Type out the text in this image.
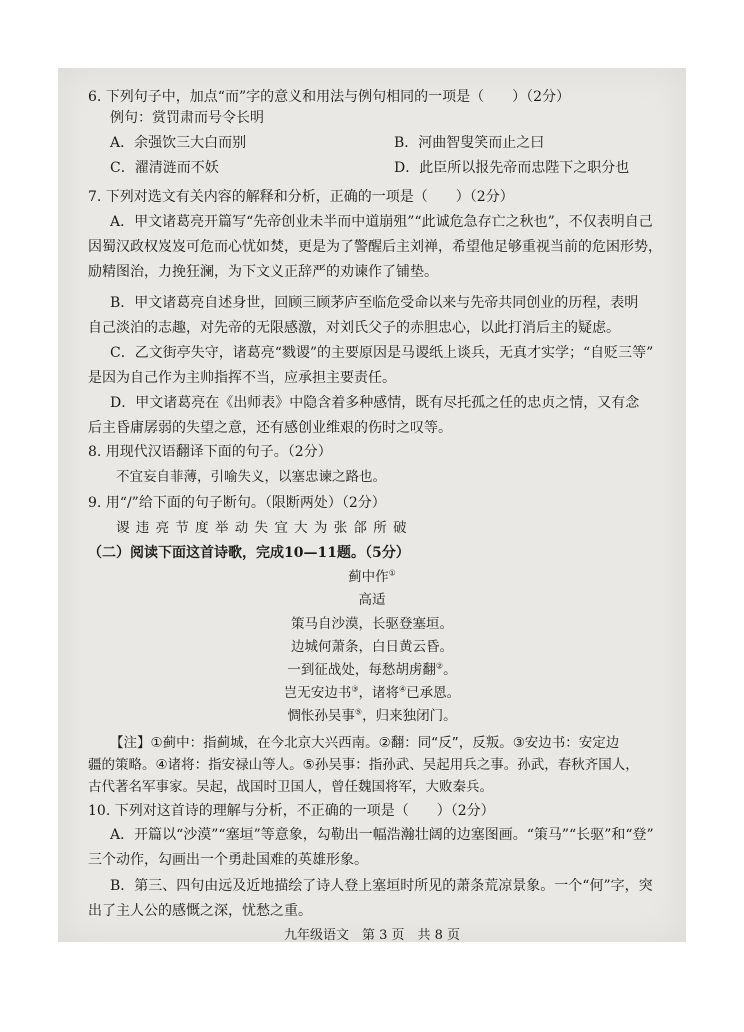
6. 下列句子中，加点“而”字的意义和用法与例句相同的一项是（　　）（2分）
例句：赏罚肃而号令长明
A．余强饮三大白而别	B．河曲智叟笑而止之曰
C．濯清涟而不妖	D．此臣所以报先帝而忠陛下之职分也
7. 下列对选文有关内容的解释和分析，正确的一项是（　　）（2分）
A．甲文诸葛亮开篇写“先帝创业未半而中道崩殂”“此诚危急存亡之秋也”，不仅表明自己
因蜀汉政权岌岌可危而心忧如焚，更是为了警醒后主刘禅，希望他足够重视当前的危困形势，
励精图治，力挽狂澜，为下文义正辞严的劝谏作了铺垫。
B．甲文诸葛亮自述身世，回顾三顾茅庐至临危受命以来与先帝共同创业的历程，表明
自己淡泊的志趣，对先帝的无限感激，对刘氏父子的赤胆忠心，以此打消后主的疑虑。
C．乙文街亭失守，诸葛亮“戮谡”的主要原因是马谡纸上谈兵，无真才实学；“自贬三等”
是因为自己作为主帅指挥不当，应承担主要责任。
D．甲文诸葛亮在《出师表》中隐含着多种感情，既有尽托孤之任的忠贞之情，又有念
后主昏庸孱弱的失望之意，还有感创业维艰的伤时之叹等。
8. 用现代汉语翻译下面的句子。（2分）
不宜妄自菲薄，引喻失义，以塞忠谏之路也。
9. 用“/”给下面的句子断句。（限断两处）（2分）
谡 违 亮 节 度 举 动 失 宜 大 为 张 郃 所 破
（二）阅读下面这首诗歌，完成10—11题。（5分）
蓟中作①
高适
策马自沙漠，长驱登塞垣。
边城何萧条，白日黄云昏。
一到征战处，每愁胡虏翻②。
岂无安边书③，诸将④已承恩。
惆怅孙吴事⑤，归来独闭门。
【注】①蓟中：指蓟城，在今北京大兴西南。②翻：同“反”，反叛。③安边书：安定边
疆的策略。④诸将：指安禄山等人。⑤孙吴事：指孙武、吴起用兵之事。孙武，春秋齐国人，
古代著名军事家。吴起，战国时卫国人，曾任魏国将军，大败秦兵。
10. 下列对这首诗的理解与分析，不正确的一项是（　　）（2分）
A．开篇以“沙漠”“塞垣”等意象，勾勒出一幅浩瀚壮阔的边塞图画。“策马”“长驱”和“登”
三个动作，勾画出一个勇赴国难的英雄形象。
B．第三、四句由远及近地描绘了诗人登上塞垣时所见的萧条荒凉景象。一个“何”字，突
出了主人公的感慨之深，忧愁之重。
九年级语文　第 3 页　共 8 页
